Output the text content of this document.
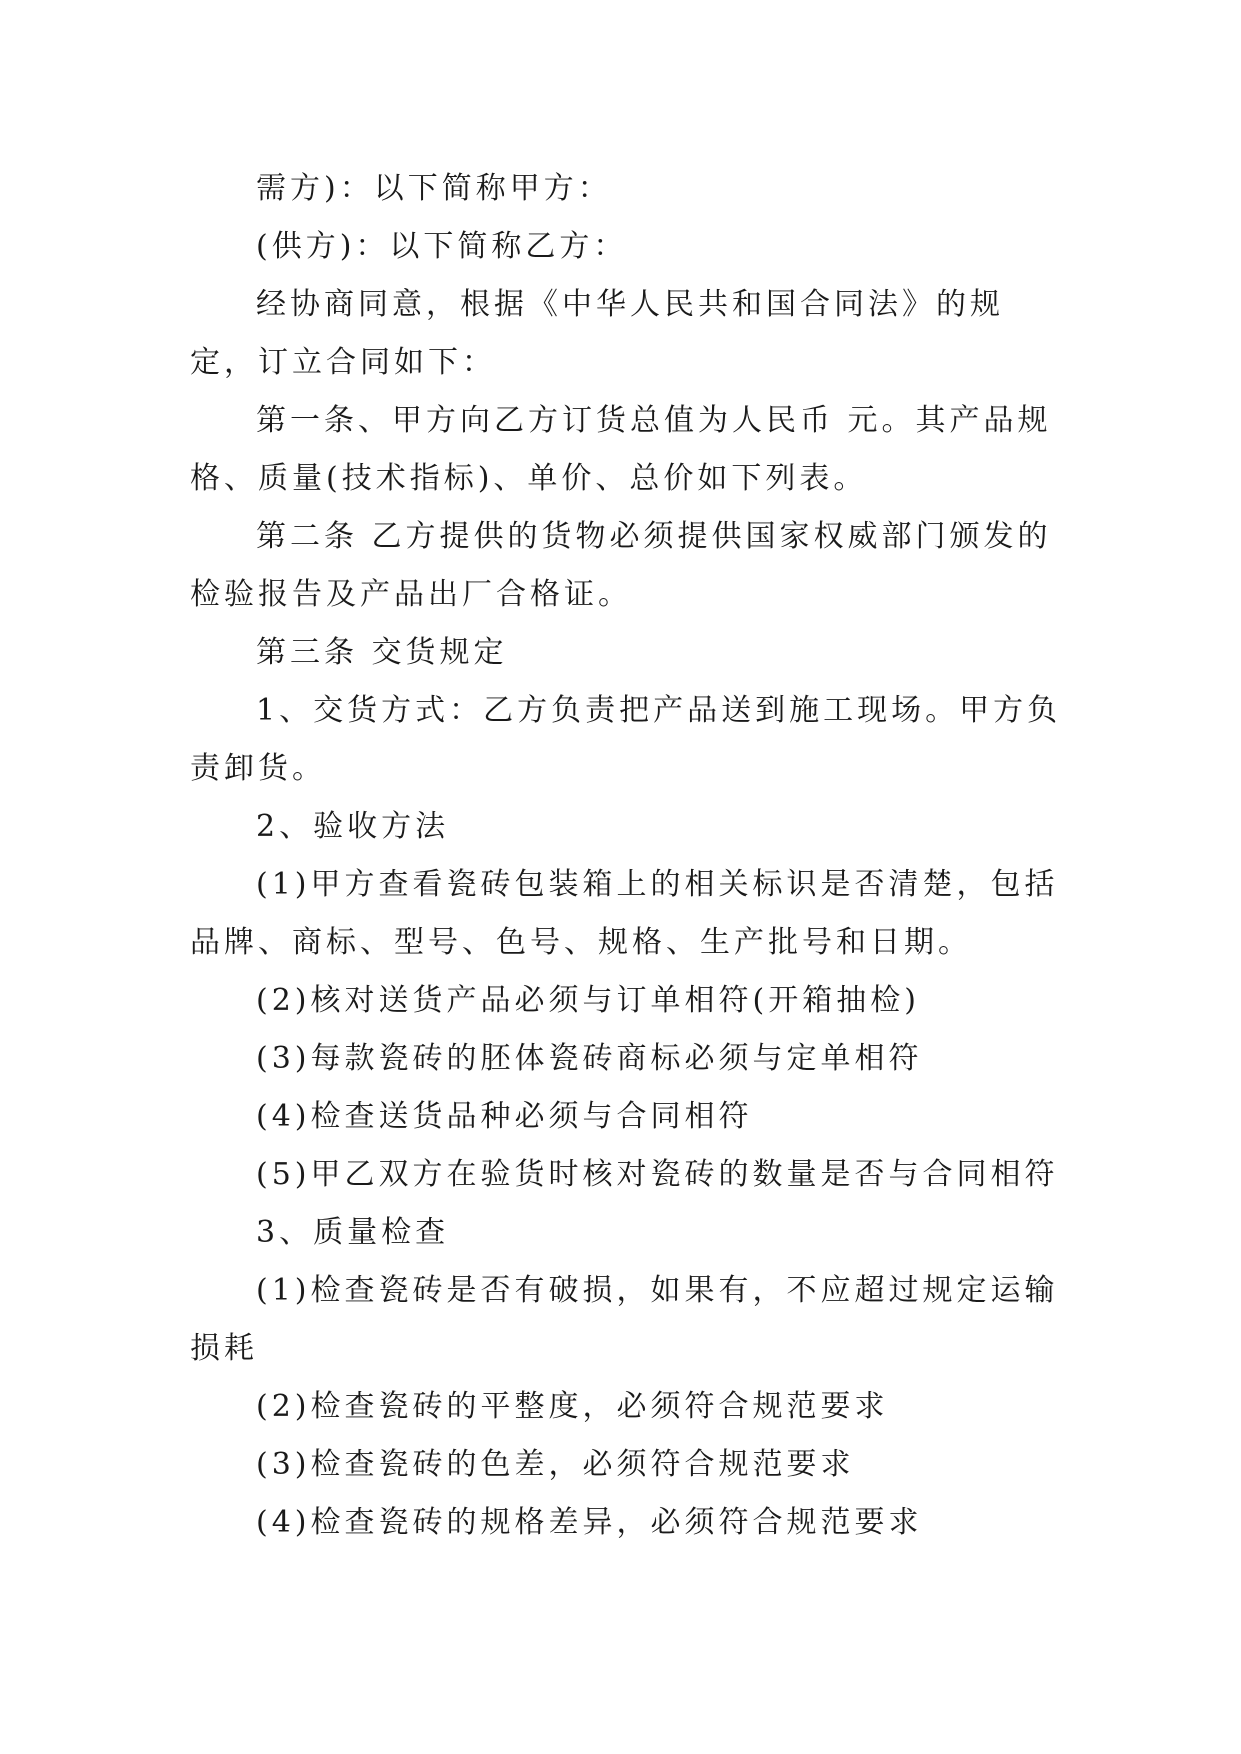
需方)：以下简称甲方：

(供方)：以下简称乙方：

经协商同意，根据《中华人民共和国合同法》的规定，订立合同如下：

第一条、甲方向乙方订货总值为人民币 元。其产品规格、质量(技术指标)、单价、总价如下列表。

第二条 乙方提供的货物必须提供国家权威部门颁发的检验报告及产品出厂合格证。

第三条 交货规定

1、交货方式：乙方负责把产品送到施工现场。甲方负责卸货。

2、验收方法

(1)甲方查看瓷砖包装箱上的相关标识是否清楚，包括品牌、商标、型号、色号、规格、生产批号和日期。

(2)核对送货产品必须与订单相符(开箱抽检)

(3)每款瓷砖的胚体瓷砖商标必须与定单相符

(4)检查送货品种必须与合同相符

(5)甲乙双方在验货时核对瓷砖的数量是否与合同相符

3、质量检查

(1)检查瓷砖是否有破损，如果有，不应超过规定运输损耗

(2)检查瓷砖的平整度，必须符合规范要求

(3)检查瓷砖的色差，必须符合规范要求

(4)检查瓷砖的规格差异，必须符合规范要求
